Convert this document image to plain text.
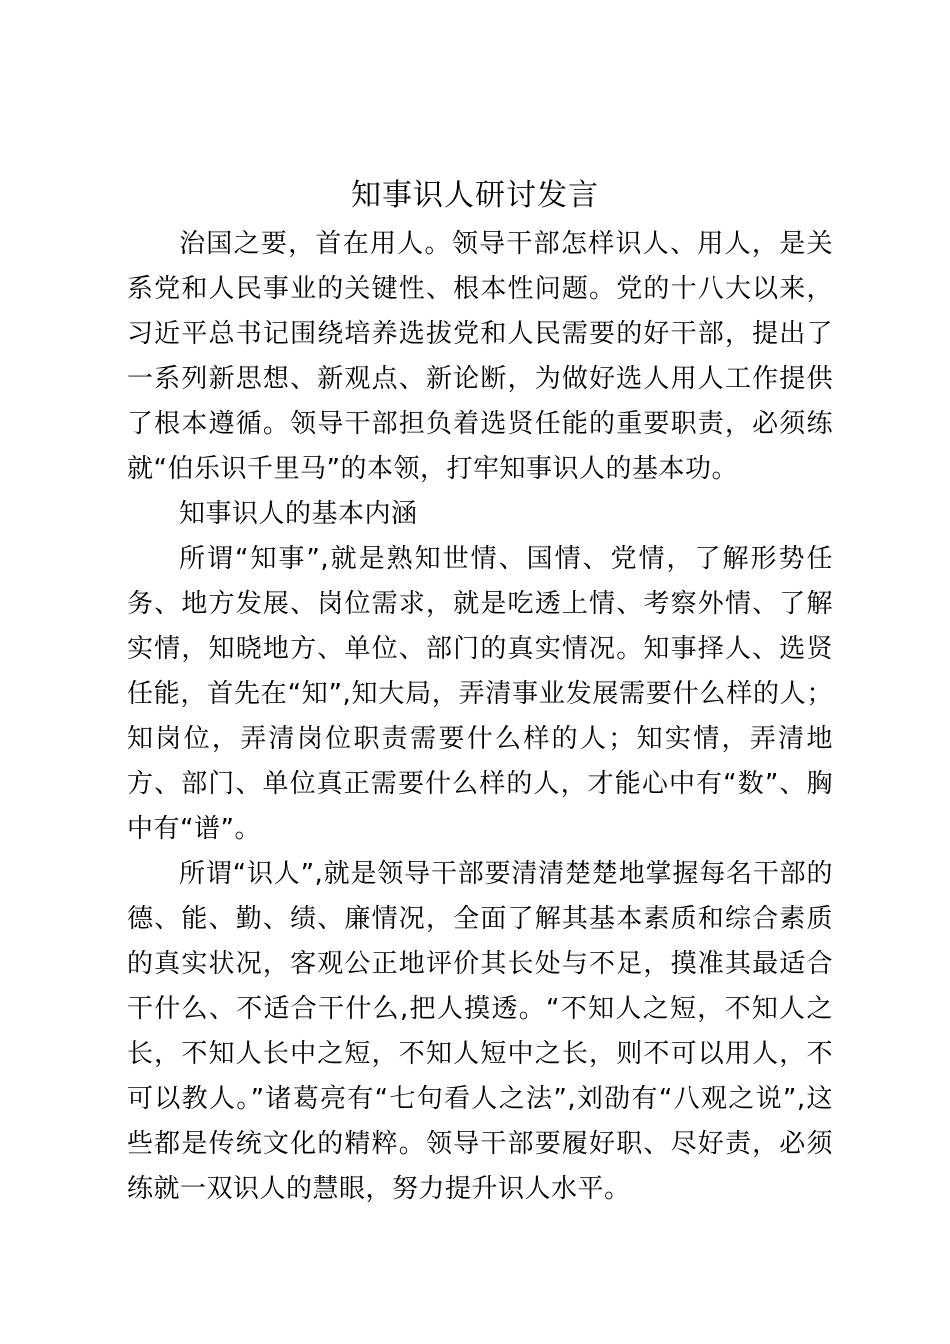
知事识人研讨发言

治国之要，首在用人。领导干部怎样识人、用人，是关系党和人民事业的关键性、根本性问题。党的十八大以来，习近平总书记围绕培养选拔党和人民需要的好干部，提出了一系列新思想、新观点、新论断，为做好选人用人工作提供了根本遵循。领导干部担负着选贤任能的重要职责，必须练就“伯乐识千里马”的本领，打牢知事识人的基本功。

知事识人的基本内涵

所谓“知事”,就是熟知世情、国情、党情，了解形势任务、地方发展、岗位需求，就是吃透上情、考察外情、了解实情，知晓地方、单位、部门的真实情况。知事择人、选贤任能，首先在“知”,知大局，弄清事业发展需要什么样的人；知岗位，弄清岗位职责需要什么样的人；知实情，弄清地方、部门、单位真正需要什么样的人，才能心中有“数”、胸中有“谱”。

所谓“识人”,就是领导干部要清清楚楚地掌握每名干部的德、能、勤、绩、廉情况，全面了解其基本素质和综合素质的真实状况，客观公正地评价其长处与不足，摸准其最适合干什么、不适合干什么,把人摸透。“不知人之短，不知人之长，不知人长中之短，不知人短中之长，则不可以用人，不可以教人。”诸葛亮有“七句看人之法”,刘劭有“八观之说”,这些都是传统文化的精粹。领导干部要履好职、尽好责，必须练就一双识人的慧眼，努力提升识人水平。
